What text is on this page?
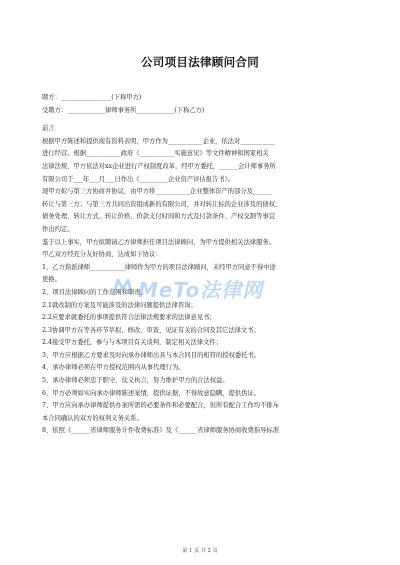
公司项目法律顾问合同

聘方：________________(下称甲方)

受聘方：____________律师事务所____________(下称乙方)

前言

根据甲方陈述和提供现有资料表明，甲方作为___________企业，依法对___________

进行经营。根据___________政府《___________实施意见》等文件精神和国家相关

法律法规，甲方依法对xx企业进行产权制度改革，经甲方委托，______会计师事务所

有限公司于___年___月___日作出《_________企业资产评估报告书》。

现甲方拟与第三方协商并协议，由甲方将___________企业整体资产的部分及______

转让与第三方；与第三方共同出资组成新的有限公司，并对转让标的企业涉及的债权、

债务处理、转让方式、转让价格、价款支付时间和方式及付款条件、产权交割等事宜

作出约定。

鉴于以上事实，甲方拟聘请乙方律师担任项目法律顾问，为甲方提供相关法律服务。

甲乙双方经充分友好协商，达成如下协议：

1、乙方指派律师___________律师作为甲方的项目法律顾问，未经甲方同意不得中途

更换。

2、项目法律顾问的工作范围和职责。

2.1就改制的方案及可能涉及的法律问题提供法律咨询；

2.2应要求就委托的事项提供符合法律法规要求的法律意见书；

2.3协调甲方在等各环节草拟、修改、审查、见证有关的合同及其它法律文书；

2.4接受甲方委托，参与与本项目有关谈判，制定相关法律文件；

3、甲方应根据乙方要求及时向承办律师出具与本合同目的相符的授权委托书。

4、承办律师必须在甲方授权范围内从事代理行为。

5、承办律师必须忠于职守，仗义执言，努力维护甲方的合法权益。

6、甲方必须如实向承办律师陈述案情，提供证据，不得故意隐瞒，提供伪证。

7、甲方应向承办律师提供办案所需的必要条件和必要配合，但所有配合工作均不排斥

本合同确认的双方的权利义务关系。

8、依照《______省律师服务计件收费标准》及《______省律师服务协商收费指导标准

MeTo法律网
第 1 页 共 2 页
